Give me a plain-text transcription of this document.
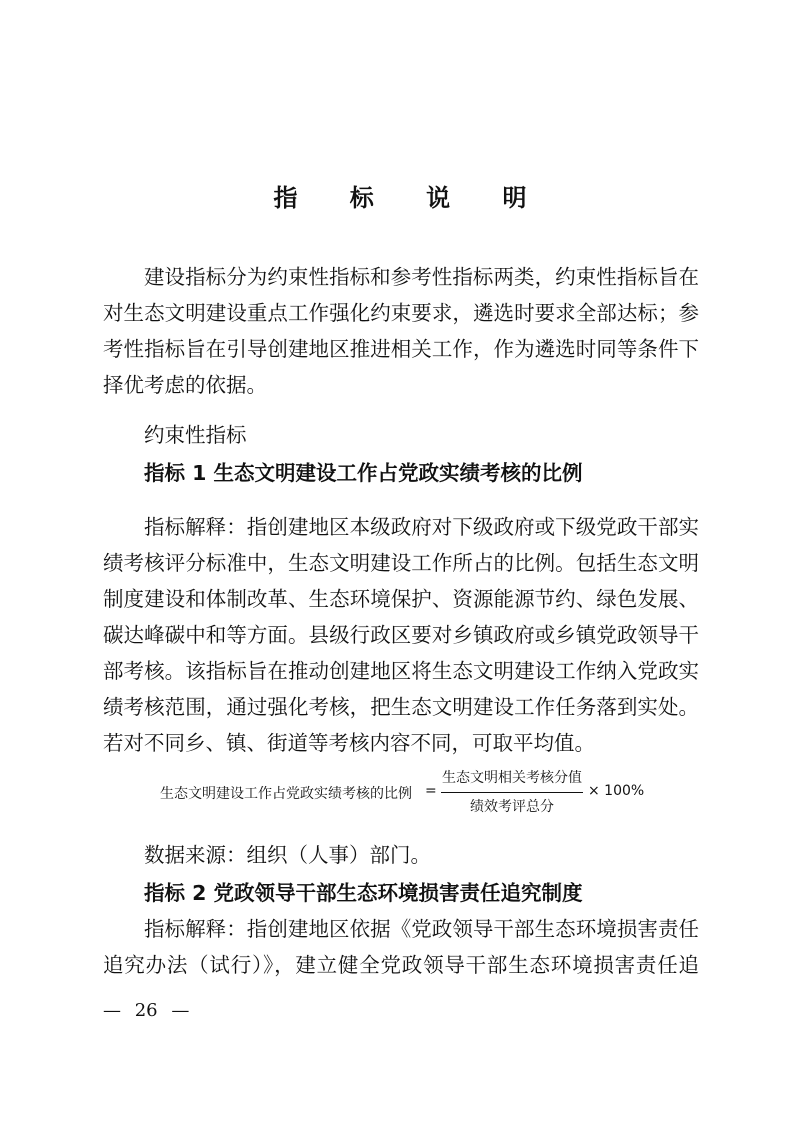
指 标 说 明
建设指标分为约束性指标和参考性指标两类，约束性指标旨在
对生态文明建设重点工作强化约束要求，遴选时要求全部达标；参
考性指标旨在引导创建地区推进相关工作，作为遴选时同等条件下
择优考虑的依据。
约束性指标
指标 1 生态文明建设工作占党政实绩考核的比例
指标解释：指创建地区本级政府对下级政府或下级党政干部实
绩考核评分标准中，生态文明建设工作所占的比例。包括生态文明
制度建设和体制改革、生态环境保护、资源能源节约、绿色发展、
碳达峰碳中和等方面。县级行政区要对乡镇政府或乡镇党政领导干
部考核。该指标旨在推动创建地区将生态文明建设工作纳入党政实
绩考核范围，通过强化考核，把生态文明建设工作任务落到实处。
若对不同乡、镇、街道等考核内容不同，可取平均值。
生态文明建设工作占党政实绩考核的比例 =
生态文明相关考核分值
绩效考评总分
× 100%
数据来源：组织（人事）部门。
指标 2 党政领导干部生态环境损害责任追究制度
指标解释：指创建地区依据《党政领导干部生态环境损害责任
追究办法（试行）》，建立健全党政领导干部生态环境损害责任追
— 26 —
